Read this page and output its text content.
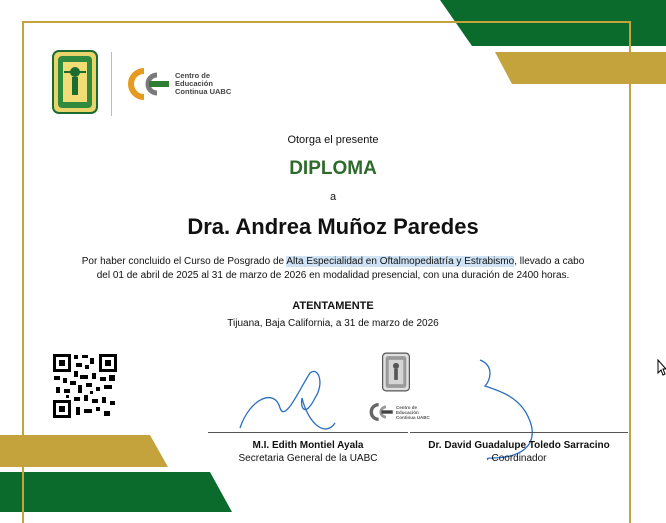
Centro de
Educación
Continua UABC
Otorga el presente
DIPLOMA
a
Dra. Andrea Muñoz Paredes
Por haber concluido el Curso de Posgrado de Alta Especialidad en Oftalmopediatría y Estrabismo, llevado a cabo
del 01 de abril de 2025 al 31 de marzo de 2026 en modalidad presencial, con una duración de 2400 horas.
ATENTAMENTE
Tijuana, Baja California, a 31 de marzo de 2026
Centro de
Educación
Continua UABC
M.I. Edith Montiel Ayala
Secretaria General de la UABC
Dr. David Guadalupe Toledo Sarracino
Coordinador
